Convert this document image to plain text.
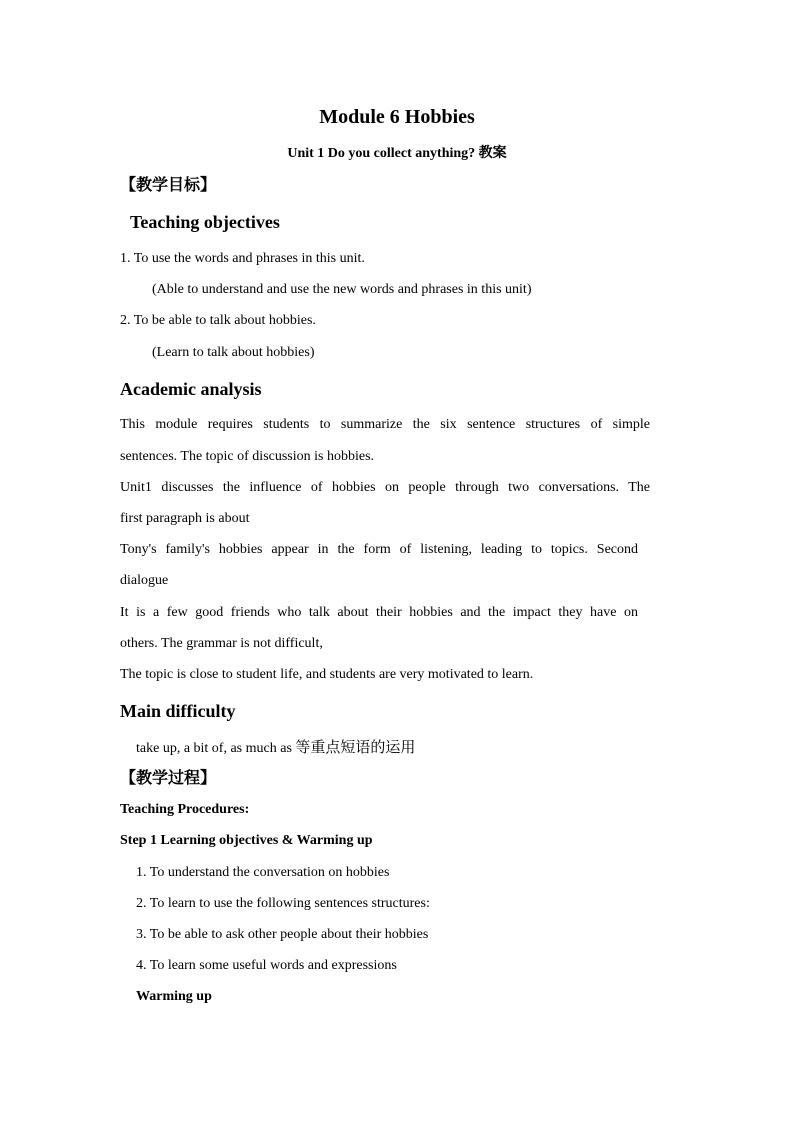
Module 6 Hobbies
Unit 1 Do you collect anything? 教案
【教学目标】
Teaching objectives
1. To use the words and phrases in this unit.
(Able to understand and use the new words and phrases in this unit)
2. To be able to talk about hobbies.
(Learn to talk about hobbies)
Academic analysis
This module requires students to summarize the six sentence structures of simple
sentences. The topic of discussion is hobbies.
Unit1 discusses the influence of hobbies on people through two conversations. The
first paragraph is about
Tony's family's hobbies appear in the form of listening, leading to topics. Second
dialogue
It is a few good friends who talk about their hobbies and the impact they have on
others. The grammar is not difficult,
The topic is close to student life, and students are very motivated to learn.
Main difficulty
take up, a bit of, as much as 等重点短语的运用
【教学过程】
Teaching Procedures:
Step 1 Learning objectives & Warming up
1. To understand the conversation on hobbies
2. To learn to use the following sentences structures:
3. To be able to ask other people about their hobbies
4. To learn some useful words and expressions
Warming up
